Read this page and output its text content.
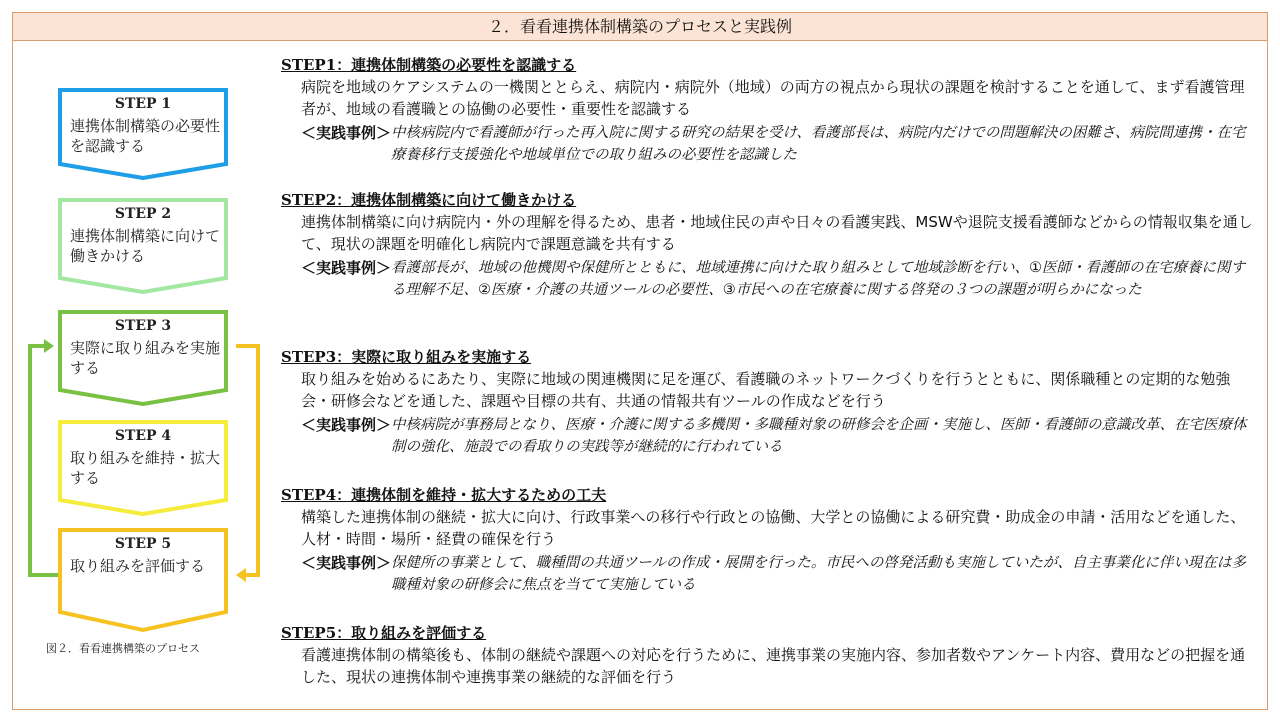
２．看看連携体制構築のプロセスと実践例
STEP 1
連携体制構築の必要性を認識する
STEP 2
連携体制構築に向けて働きかける
STEP 3
実際に取り組みを実施する
STEP 4
取り組みを維持・拡大する
STEP 5
取り組みを評価する
図２．看看連携構築のプロセス
STEP1：連携体制構築の必要性を認識する
病院を地域のケアシステムの一機関ととらえ、病院内・病院外（地域）の両方の視点から現状の課題を検討することを通して、まず看護管理者が、地域の看護職との協働の必要性・重要性を認識する
＜実践事例＞ 中核病院内で看護師が行った再入院に関する研究の結果を受け、看護部長は、病院内だけでの問題解決の困難さ、病院間連携・在宅療養移行支援強化や地域単位での取り組みの必要性を認識した
STEP2：連携体制構築に向けて働きかける
連携体制構築に向け病院内・外の理解を得るため、患者・地域住民の声や日々の看護実践、MSWや退院支援看護師などからの情報収集を通して、現状の課題を明確化し病院内で課題意識を共有する
＜実践事例＞ 看護部長が、地域の他機関や保健所とともに、地域連携に向けた取り組みとして地域診断を行い、①医師・看護師の在宅療養に関する理解不足、②医療・介護の共通ツールの必要性、③市民への在宅療養に関する啓発の３つの課題が明らかになった
STEP3：実際に取り組みを実施する
取り組みを始めるにあたり、実際に地域の関連機関に足を運び、看護職のネットワークづくりを行うとともに、関係職種との定期的な勉強会・研修会などを通した、課題や目標の共有、共通の情報共有ツールの作成などを行う
＜実践事例＞ 中核病院が事務局となり、医療・介護に関する多機関・多職種対象の研修会を企画・実施し、医師・看護師の意識改革、在宅医療体制の強化、施設での看取りの実践等が継続的に行われている
STEP4：連携体制を維持・拡大するための工夫
構築した連携体制の継続・拡大に向け、行政事業への移行や行政との協働、大学との協働による研究費・助成金の申請・活用などを通した、人材・時間・場所・経費の確保を行う
＜実践事例＞ 保健所の事業として、職種間の共通ツールの作成・展開を行った。市民への啓発活動も実施していたが、自主事業化に伴い現在は多職種対象の研修会に焦点を当てて実施している
STEP5：取り組みを評価する
看護連携体制の構築後も、体制の継続や課題への対応を行うために、連携事業の実施内容、参加者数やアンケート内容、費用などの把握を通した、現状の連携体制や連携事業の継続的な評価を行う
